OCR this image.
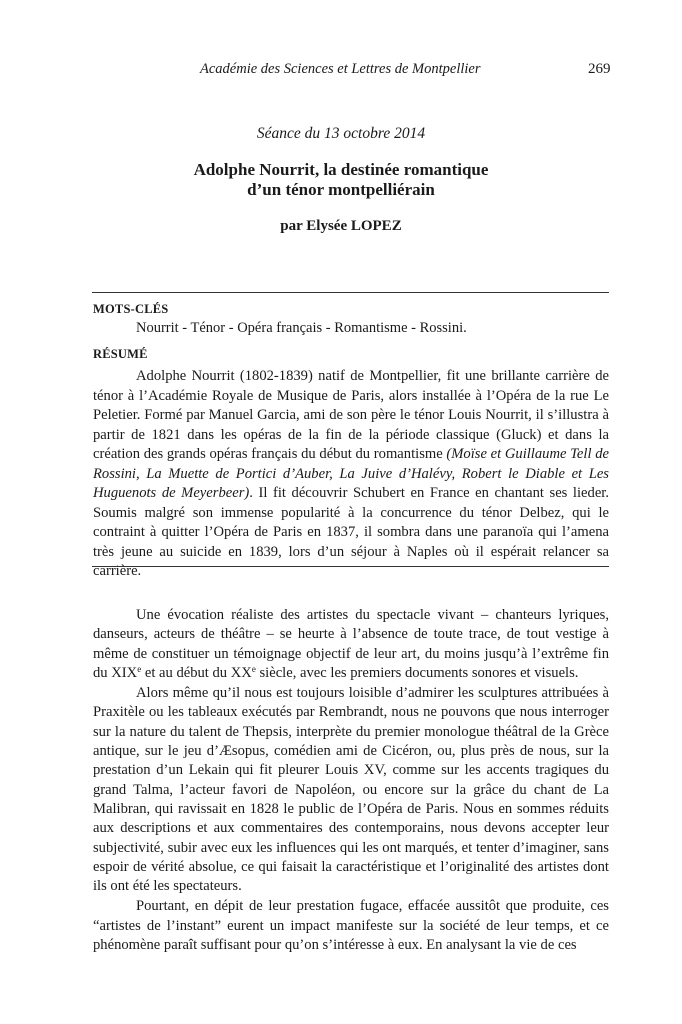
Académie des Sciences et Lettres de Montpellier	269
Séance du 13 octobre 2014
Adolphe Nourrit, la destinée romantique
d’un ténor montpelliérain
par Elysée LOPEZ
MOTS-CLÉS
Nourrit - Ténor - Opéra français - Romantisme - Rossini.
RÉSUMÉ

Adolphe Nourrit (1802-1839) natif de Montpellier, fit une brillante carrière de ténor à l’Académie Royale de Musique de Paris, alors installée à l’Opéra de la rue Le Peletier. Formé par Manuel Garcia, ami de son père le ténor Louis Nourrit, il s’illustra à partir de 1821 dans les opéras de la fin de la période classique (Gluck) et dans la création des grands opéras français du début du romantisme (Moïse et Guillaume Tell de Rossini, La Muette de Portici d’Auber, La Juive d’Halévy, Robert le Diable et Les Huguenots de Meyerbeer). Il fit découvrir Schubert en France en chantant ses lieder. Soumis malgré son immense popularité à la concurrence du ténor Delbez, qui le contraint à quitter l’Opéra de Paris en 1837, il sombra dans une paranoïa qui l’amena très jeune au suicide en 1839, lors d’un séjour à Naples où il espérait relancer sa carrière.

Une évocation réaliste des artistes du spectacle vivant – chanteurs lyriques, danseurs, acteurs de théâtre – se heurte à l’absence de toute trace, de tout vestige à même de constituer un témoignage objectif de leur art, du moins jusqu’à l’extrême fin du XIXe et au début du XXe siècle, avec les premiers documents sonores et visuels.

Alors même qu’il nous est toujours loisible d’admirer les sculptures attribuées à Praxitèle ou les tableaux exécutés par Rembrandt, nous ne pouvons que nous interroger sur la nature du talent de Thepsis, interprète du premier monologue théâtral de la Grèce antique, sur le jeu d’Æsopus, comédien ami de Cicéron, ou, plus près de nous, sur la prestation d’un Lekain qui fit pleurer Louis XV, comme sur les accents tragiques du grand Talma, l’acteur favori de Napoléon, ou encore sur la grâce du chant de La Malibran, qui ravissait en 1828 le public de l’Opéra de Paris. Nous en sommes réduits aux descriptions et aux commentaires des contemporains, nous devons accepter leur subjectivité, subir avec eux les influences qui les ont marqués, et tenter d’imaginer, sans espoir de vérité absolue, ce qui faisait la caractéristique et l’originalité des artistes dont ils ont été les spectateurs.

Pourtant, en dépit de leur prestation fugace, effacée aussitôt que produite, ces “artistes de l’instant” eurent un impact manifeste sur la société de leur temps, et ce phénomène paraît suffisant pour qu’on s’intéresse à eux. En analysant la vie de ces
